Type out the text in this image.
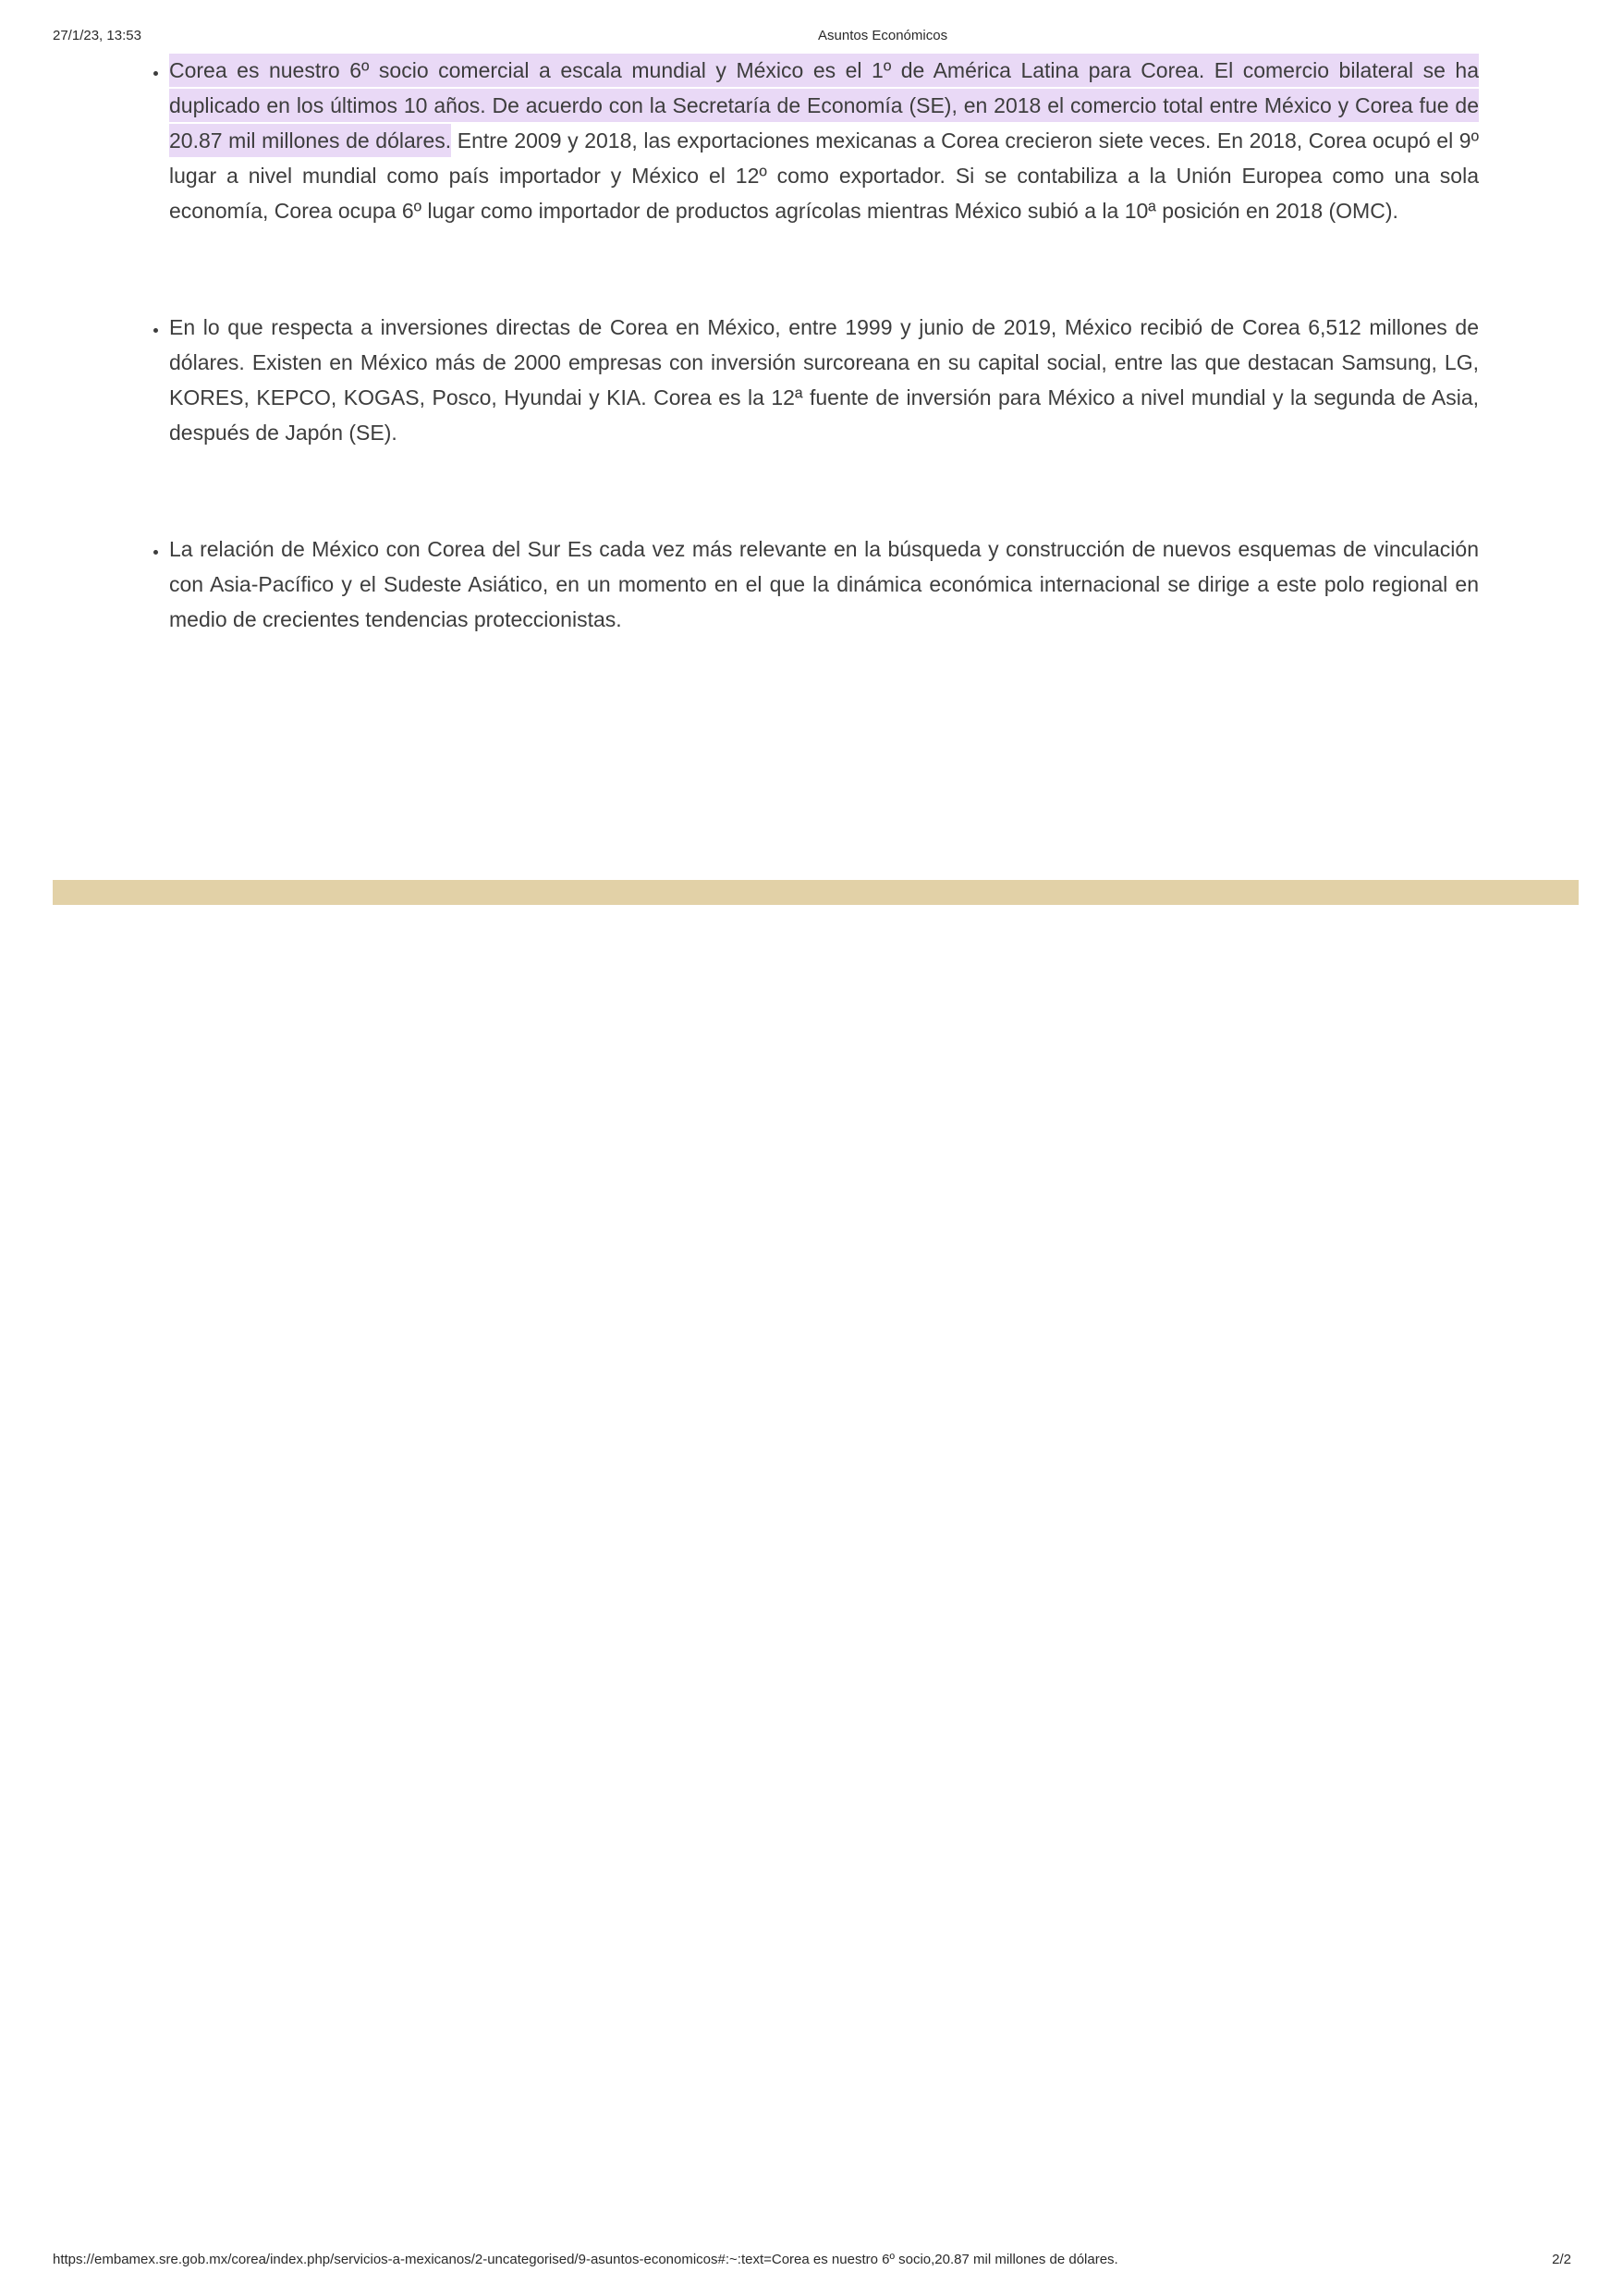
27/1/23, 13:53	Asuntos Económicos
• Corea es nuestro 6º socio comercial a escala mundial y México es el 1º de América Latina para Corea. El comercio bilateral se ha duplicado en los últimos 10 años. De acuerdo con la Secretaría de Economía (SE), en 2018 el comercio total entre México y Corea fue de 20.87 mil millones de dólares. Entre 2009 y 2018, las exportaciones mexicanas a Corea crecieron siete veces. En 2018, Corea ocupó el 9º lugar a nivel mundial como país importador y México el 12º como exportador. Si se contabiliza a la Unión Europea como una sola economía, Corea ocupa 6º lugar como importador de productos agrícolas mientras México subió a la 10ª posición en 2018 (OMC).
• En lo que respecta a inversiones directas de Corea en México, entre 1999 y junio de 2019, México recibió de Corea 6,512 millones de dólares. Existen en México más de 2000 empresas con inversión surcoreana en su capital social, entre las que destacan Samsung, LG, KORES, KEPCO, KOGAS, Posco, Hyundai y KIA. Corea es la 12ª fuente de inversión para México a nivel mundial y la segunda de Asia, después de Japón (SE).
• La relación de México con Corea del Sur Es cada vez más relevante en la búsqueda y construcción de nuevos esquemas de vinculación con Asia-Pacífico y el Sudeste Asiático, en un momento en el que la dinámica económica internacional se dirige a este polo regional en medio de crecientes tendencias proteccionistas.
https://embamex.sre.gob.mx/corea/index.php/servicios-a-mexicanos/2-uncategorised/9-asuntos-economicos#:~:text=Corea es nuestro 6º socio,20.87 mil millones de dólares.	2/2
